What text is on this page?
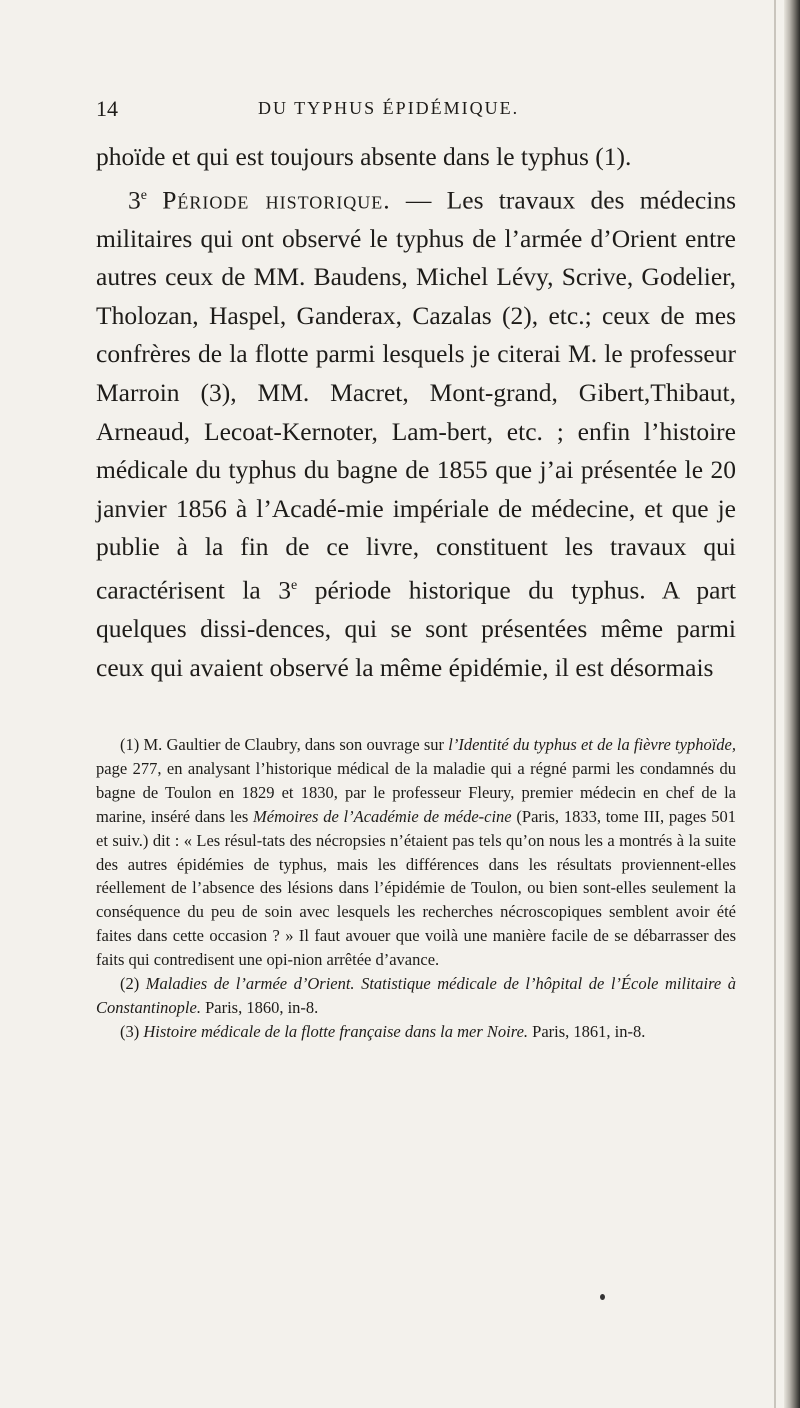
14	DU TYPHUS ÉPIDÉMIQUE.

phoïde et qui est toujours absente dans le typhus (1).

3e Période historique. — Les travaux des médecins militaires qui ont observé le typhus de l’armée d’Orient entre autres ceux de MM. Baudens, Michel Lévy, Scrive, Godelier, Tholozan, Haspel, Ganderax, Cazalas (2), etc.; ceux de mes confrères de la flotte parmi lesquels je citerai M. le professeur Marroin (3), MM. Macret, Mont-grand, Gibert,Thibaut, Arneaud, Lecoat-Kernoter, Lam-bert, etc. ; enfin l’histoire médicale du typhus du bagne de 1855 que j’ai présentée le 20 janvier 1856 à l’Acadé-mie impériale de médecine, et que je publie à la fin de ce livre, constituent les travaux qui caractérisent la 3e période historique du typhus. A part quelques dissi-dences, qui se sont présentées même parmi ceux qui avaient observé la même épidémie, il est désormais

(1) M. Gaultier de Claubry, dans son ouvrage sur l’Identité du typhus et de la fièvre typhoïde, page 277, en analysant l’historique médical de la maladie qui a régné parmi les condamnés du bagne de Toulon en 1829 et 1830, par le professeur Fleury, premier médecin en chef de la marine, inséré dans les Mémoires de l’Académie de méde-cine (Paris, 1833, tome III, pages 501 et suiv.) dit : « Les résul-tats des nécropsies n’étaient pas tels qu’on nous les a montrés à la suite des autres épidémies de typhus, mais les différences dans les résultats proviennent-elles réellement de l’absence des lésions dans l’épidémie de Toulon, ou bien sont-elles seulement la conséquence du peu de soin avec lesquels les recherches nécroscopiques semblent avoir été faites dans cette occasion ? » Il faut avouer que voilà une manière facile de se débarrasser des faits qui contredisent une opi-nion arrêtée d’avance.

(2) Maladies de l’armée d’Orient. Statistique médicale de l’hôpital de l’École militaire à Constantinople. Paris, 1860, in-8.

(3) Histoire médicale de la flotte française dans la mer Noire. Paris, 1861, in-8.
